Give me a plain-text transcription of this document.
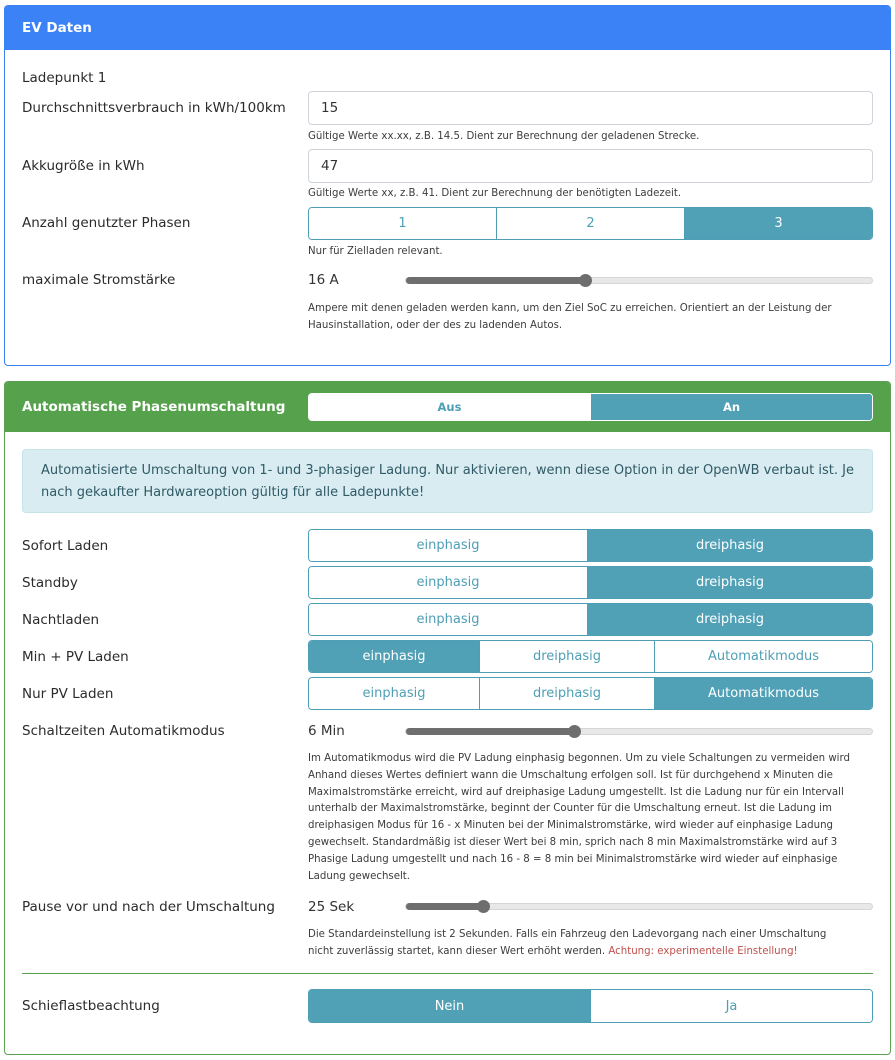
EV Daten
Ladepunkt 1
Durchschnittsverbrauch in kWh/100km	15
Gültige Werte xx.xx, z.B. 14.5. Dient zur Berechnung der geladenen Strecke.
Akkugröße in kWh	47
Gültige Werte xx, z.B. 41. Dient zur Berechnung der benötigten Ladezeit.
Anzahl genutzter Phasen	1	2	3
Nur für Zielladen relevant.
maximale Stromstärke	16 A
Ampere mit denen geladen werden kann, um den Ziel SoC zu erreichen. Orientiert an der Leistung der Hausinstallation, oder der des zu ladenden Autos.
Automatische Phasenumschaltung	Aus	An
Automatisierte Umschaltung von 1- und 3-phasiger Ladung. Nur aktivieren, wenn diese Option in der OpenWB verbaut ist. Je nach gekaufter Hardwareoption gültig für alle Ladepunkte!
Schaltzeiten Automatikmodus	6 Min
Im Automatikmodus wird die PV Ladung einphasig begonnen. Um zu viele Schaltungen zu vermeiden wird Anhand dieses Wertes definiert wann die Umschaltung erfolgen soll. Ist für durchgehend x Minuten die Maximalstromstärke erreicht, wird auf dreiphasige Ladung umgestellt. Ist die Ladung nur für ein Intervall unterhalb der Maximalstromstärke, beginnt der Counter für die Umschaltung erneut. Ist die Ladung im dreiphasigen Modus für 16 - x Minuten bei der Minimalstromstärke, wird wieder auf einphasige Ladung gewechselt. Standardmäßig ist dieser Wert bei 8 min, sprich nach 8 min Maximalstromstärke wird auf 3 Phasige Ladung umgestellt und nach 16 - 8 = 8 min bei Minimalstromstärke wird wieder auf einphasige Ladung gewechselt.
Pause vor und nach der Umschaltung 25 Sek
Die Standardeinstellung ist 2 Sekunden. Falls ein Fahrzeug den Ladevorgang nach einer Umschaltung nicht zuverlässig startet, kann dieser Wert erhöht werden. Achtung: experimentelle Einstellung!
Schieflastbeachtung	Nein	Ja
Sofort Laden	einphasig	dreiphasig
Standby	einphasig	dreiphasig
Nachtladen	einphasig	dreiphasig
Min + PV Laden	einphasig	dreiphasig	Automatikmodus
Nur PV Laden	einphasig	dreiphasig	Automatikmodus
